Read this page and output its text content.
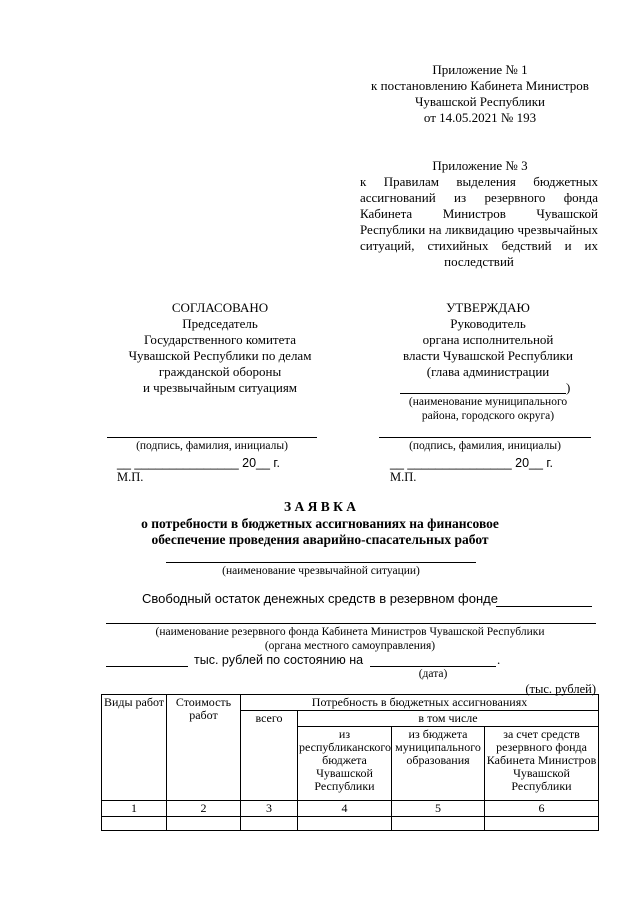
Приложение № 1
к постановлению Кабинета Министров
Чувашской Республики
от 14.05.2021 № 193
Приложение № 3
к Правилам выделения бюджетных ассигнований из резервного фонда Кабинета Министров Чувашской Республики на ликвидацию чрезвычайных ситуаций, стихийных бедствий и их последствий
СОГЛАСОВАНО
Председатель
Государственного комитета
Чувашской Республики по делам
гражданской обороны
и чрезвычайным ситуациям
(подпись, фамилия, инициалы)
__ _______________ 20__ г.
М.П.
УТВЕРЖДАЮ
Руководитель
органа исполнительной
власти Чувашской Республики
(глава администрации
)
(наименование муниципального
района, городского округа)
(подпись, фамилия, инициалы)
__ _______________ 20__ г.
М.П.
З А Я В К А
о потребности в бюджетных ассигнованиях на финансовое
обеспечение проведения аварийно-спасательных работ
(наименование чрезвычайной ситуации)
Свободный остаток денежных средств в резервном фонде
(наименование резервного фонда Кабинета Министров Чувашской Республики
(органа местного самоуправления)
тыс. рублей по состоянию на	.
(дата)
(тыс. рублей)
Виды работ	Стоимость работ	Потребность в бюджетных ассигнованиях			
		всего	в том числе		
			из республиканского бюджета Чувашской Республики	из бюджета муниципального образования	за счет средств резервного фонда Кабинета Министров Чувашской Республики
1	2	3	4	5	6
